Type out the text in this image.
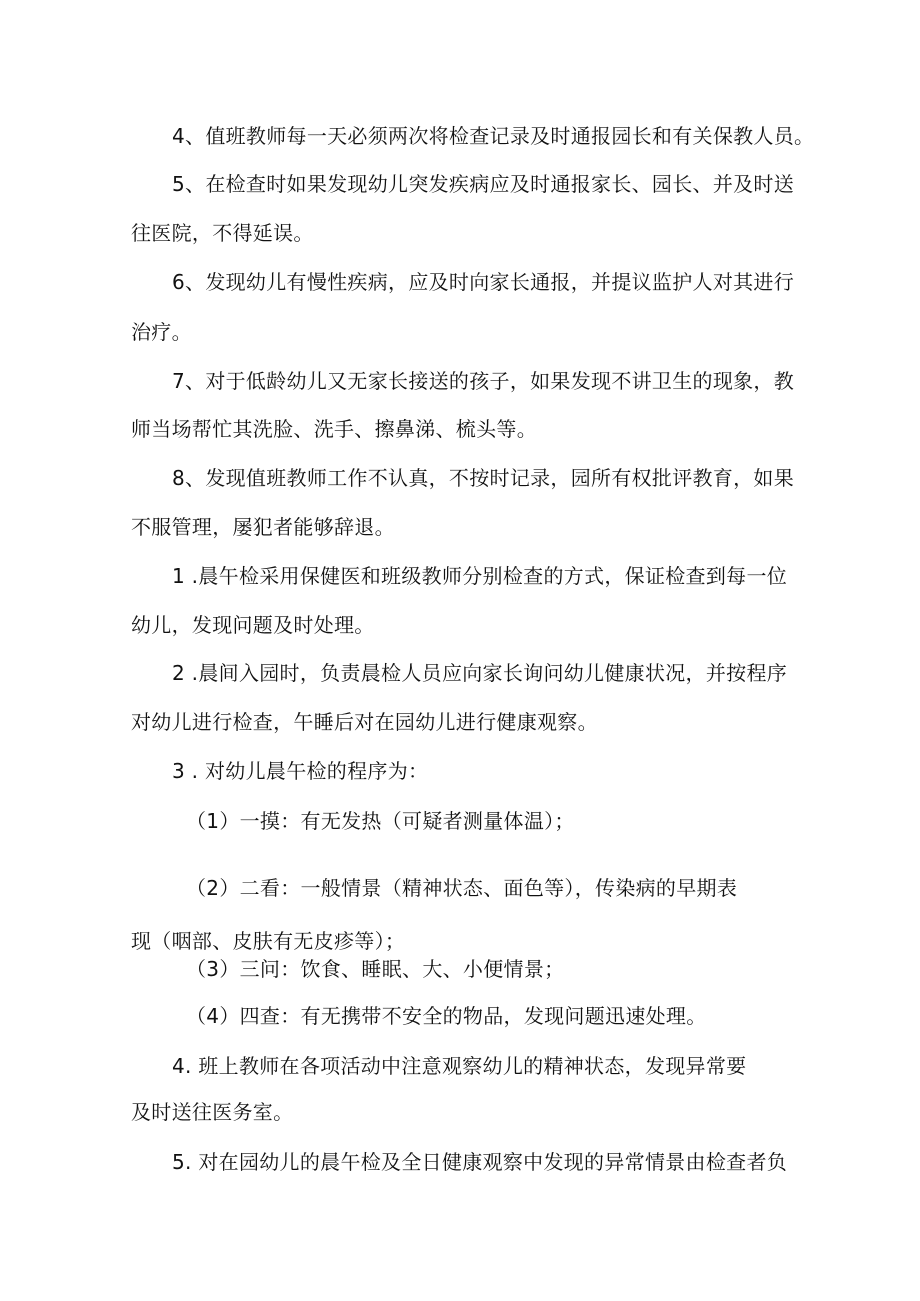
4、值班教师每一天必须两次将检查记录及时通报园长和有关保教人员。
5、在检查时如果发现幼儿突发疾病应及时通报家长、园长、并及时送
往医院，不得延误。
6、发现幼儿有慢性疾病，应及时向家长通报，并提议监护人对其进行
治疗。
7、对于低龄幼儿又无家长接送的孩子，如果发现不讲卫生的现象，教
师当场帮忙其洗脸、洗手、擦鼻涕、梳头等。
8、发现值班教师工作不认真，不按时记录，园所有权批评教育，如果
不服管理，屡犯者能够辞退。
1 .晨午检采用保健医和班级教师分别检查的方式，保证检查到每一位
幼儿，发现问题及时处理。
2 .晨间入园时，负责晨检人员应向家长询问幼儿健康状况，并按程序
对幼儿进行检查，午睡后对在园幼儿进行健康观察。
3 . 对幼儿晨午检的程序为：
（1）一摸：有无发热（可疑者测量体温）；
（2）二看：一般情景（精神状态、面色等），传染病的早期表
现（咽部、皮肤有无皮疹等）；
（3）三问：饮食、睡眠、大、小便情景；
（4）四查：有无携带不安全的物品，发现问题迅速处理。
4. 班上教师在各项活动中注意观察幼儿的精神状态，发现异常要
及时送往医务室。
5. 对在园幼儿的晨午检及全日健康观察中发现的异常情景由检查者负
